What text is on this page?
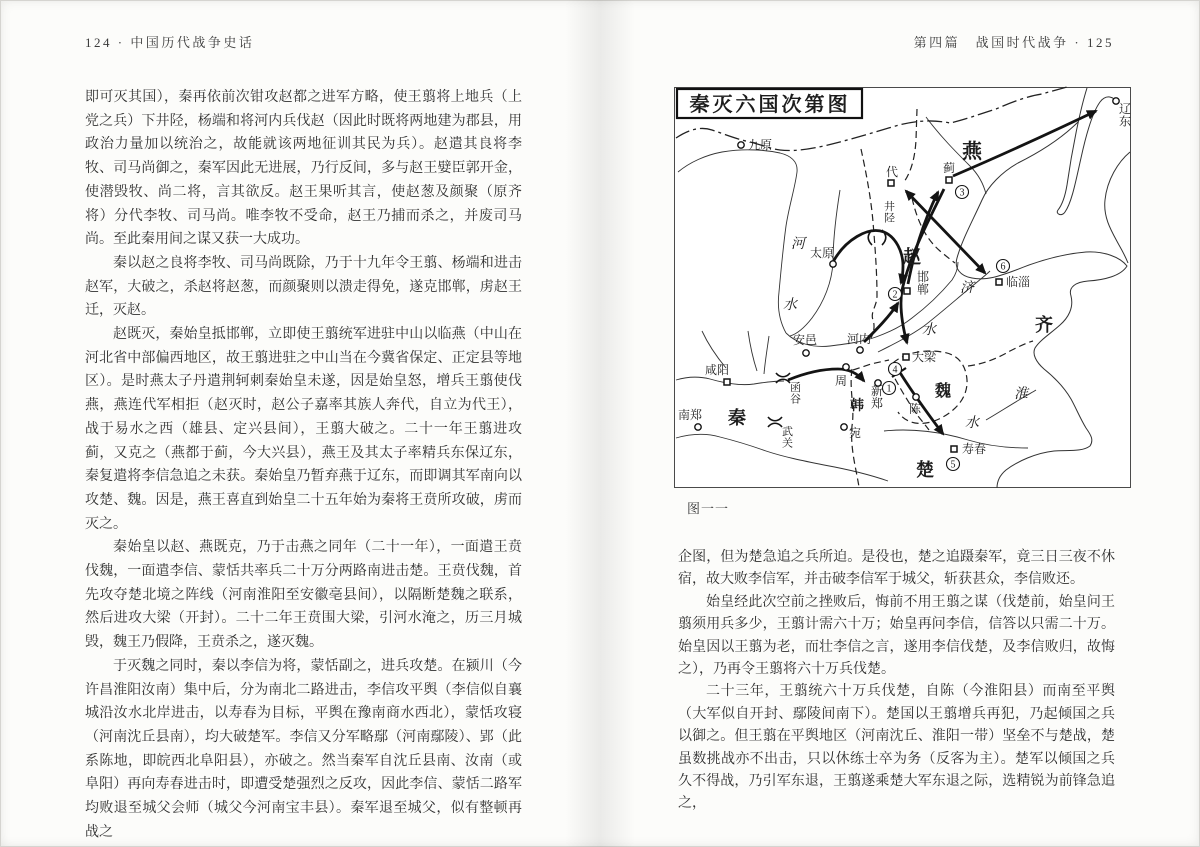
124 · 中国历代战争史话

即可灭其国），秦再依前次钳攻赵都之进军方略，使王翦将上地兵（上党之兵）下井陉，杨端和将河内兵伐赵（因此时既将两地建为郡县，用政治力量加以统治之，故能就该两地征训其民为兵）。赵遣其良将李牧、司马尚御之，秦军因此无进展，乃行反间，多与赵王嬖臣郭开金，使潜毁牧、尚二将，言其欲反。赵王果听其言，使赵葱及颜聚（原齐将）分代李牧、司马尚。唯李牧不受命，赵王乃捕而杀之，并废司马尚。至此秦用间之谋又获一大成功。

秦以赵之良将李牧、司马尚既除，乃于十九年令王翦、杨端和进击赵军，大破之，杀赵将赵葱，而颜聚则以溃走得免，遂克邯郸，虏赵王迁，灭赵。

赵既灭，秦始皇抵邯郸，立即使王翦统军进驻中山以临燕（中山在河北省中部偏西地区，故王翦进驻之中山当在今冀省保定、正定县等地区）。是时燕太子丹遣荆轲刺秦始皇未遂，因是始皇怒，增兵王翦使伐燕，燕连代军相拒（赵灭时，赵公子嘉率其族人奔代，自立为代王），战于易水之西（雄县、定兴县间），王翦大破之。二十一年王翦进攻蓟，又克之（燕都于蓟，今大兴县），燕王及其太子率精兵东保辽东，秦复遣将李信急追之未获。秦始皇乃暂弃燕于辽东，而即调其军南向以攻楚、魏。因是，燕王喜直到始皇二十五年始为秦将王贲所攻破，虏而灭之。

秦始皇以赵、燕既克，乃于击燕之同年（二十一年），一面遣王贲伐魏，一面遣李信、蒙恬共率兵二十万分两路南进击楚。王贲伐魏，首先攻夺楚北境之阵线（河南淮阳至安徽亳县间），以隔断楚魏之联系，然后进攻大梁（开封）。二十二年王贲围大梁，引河水淹之，历三月城毁，魏王乃假降，王贲杀之，遂灭魏。

于灭魏之同时，秦以李信为将，蒙恬副之，进兵攻楚。在颍川（今许昌淮阳汝南）集中后，分为南北二路进击，李信攻平舆（李信似自襄城沿汝水北岸进击，以寿春为目标，平舆在豫南商水西北），蒙恬攻寝（河南沈丘县南），均大破楚军。李信又分军略鄢（河南鄢陵）、郢（此系陈地，即皖西北阜阳县），亦破之。然当秦军自沈丘县南、汝南（或阜阳）再向寿春进击时，即遭受楚强烈之反攻，因此李信、蒙恬二路军均败退至城父会师（城父今河南宝丰县）。秦军退至城父，似有整顿再战之

第四篇　战国时代战争 · 125
1
2
3
4
5
6
燕
赵
齐
魏
韩
秦
楚
河
水
济
水
淮
水
九原
辽东
太原
安邑 河内
周
新郑 陈
宛
南郑
咸阳
邯郸
蓟
代
大梁
临淄
寿春
井陉
函谷
武关
秦灭六国次第图
图一一

企图，但为楚急追之兵所迫。是役也，楚之追蹑秦军，竟三日三夜不休宿，故大败李信军，并击破李信军于城父，斩获甚众，李信败还。

始皇经此次空前之挫败后，悔前不用王翦之谋（伐楚前，始皇问王翦须用兵多少，王翦计需六十万；始皇再问李信，信答以只需二十万。始皇因以王翦为老，而壮李信之言，遂用李信伐楚，及李信败归，故悔之），乃再令王翦将六十万兵伐楚。

二十三年，王翦统六十万兵伐楚，自陈（今淮阳县）而南至平舆（大军似自开封、鄢陵间南下）。楚国以王翦增兵再犯，乃起倾国之兵以御之。但王翦在平舆地区（河南沈丘、淮阳一带）坚垒不与楚战，楚虽数挑战亦不出击，只以休练士卒为务（反客为主）。楚军以倾国之兵久不得战，乃引军东退，王翦遂乘楚大军东退之际，选精锐为前锋急追之，
